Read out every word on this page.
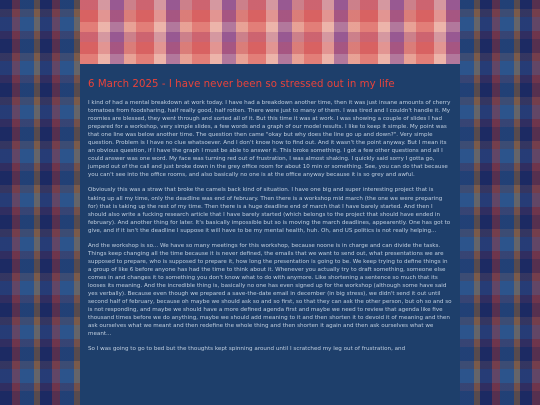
6 March 2025 - I have never been so stressed out in my life

I kind of had a mental breakdown at work today. I have had a breakdown another time, then it was just insane amounts of cherry tomatoes from foodsharing, half really good, half rotten. There were just to many of them. I was tired and I couldn't handle it. My roomies are blessed, they went through and sorted all of it. But this time it was at work. I was showing a couple of slides I had prepared for a workshop, very simple slides, a few words and a graph of our model results. I like to keep it simple. My point was that one line was below another time. The question then came "okay but why does the line go up and down?". Very simple question. Problem is I have no clue whatsoever. And I don't know how to find out. And it wasn't the point anyway. But I mean its an obvious question, if I have the graph I must be able to answer it. This broke something. I got a few other questions and all I could answer was one word. My face was turning red out of frustration, I was almost shaking. I quickly said sorry I gotta go, jumped out of the call and just broke down in the grey office room for about 10 min or something. See, you can do that because you can't see into the office rooms, and also basically no one is at the office anyway because it is so grey and awful.

Obviously this was a straw that broke the camels back kind of situation. I have one big and super interesting project that is taking up all my time, only the deadline was end of february. Then there is a workshop mid march (the one we were preparing for) that is taking up the rest of my time. Then there is a huge deadline end of march that I have barely started. And then I should also write a fucking research article that I have barely started (which belongs to the project that should have ended in february). And another thing for later. It's basically impossible but so is moving the march deadlines, appearently. One has got to give, and if it isn't the deadline I suppose it will have to be my mental health, huh. Oh, and US politics is not really helping...

And the workshop is so... We have so many meetings for this workshop, because noone is in charge and can divide the tasks. Things keep changing all the time because it is never defined, the emails that we want to send out, what presentations we are supposed to prepare, who is supposed to prepare it, how long the presentation is going to be. We keep trying to define things in a group of like 6 before anyone has had the time to think about it. Whenever you actually try to draft something, someone else comes in and changes it to something you don't know what to do with anymore. Like shortening a sentence so much that its looses its meaning. And the incredible thing is, basically no one has even signed up for the workshop (although some have said yes verbally). Because even though we prepared a save-the-date email in december (in big stress), we didn't send it out until second half of february, because oh maybe we should ask so and so first, so that they can ask the other person, but oh so and so is not responding, and maybe we should have a more defined agenda first and maybe we need to review that agenda like five thousand times before we do anything, maybe we should add meaning to it and then shorten it to devoid it of meaning and then ask ourselves what we meant and then redefine the whole thing and then shorten it again and then ask ourselves what we meant...

So I was going to go to bed but the thoughts kept spinning around until I scratched my leg out of frustration, and
